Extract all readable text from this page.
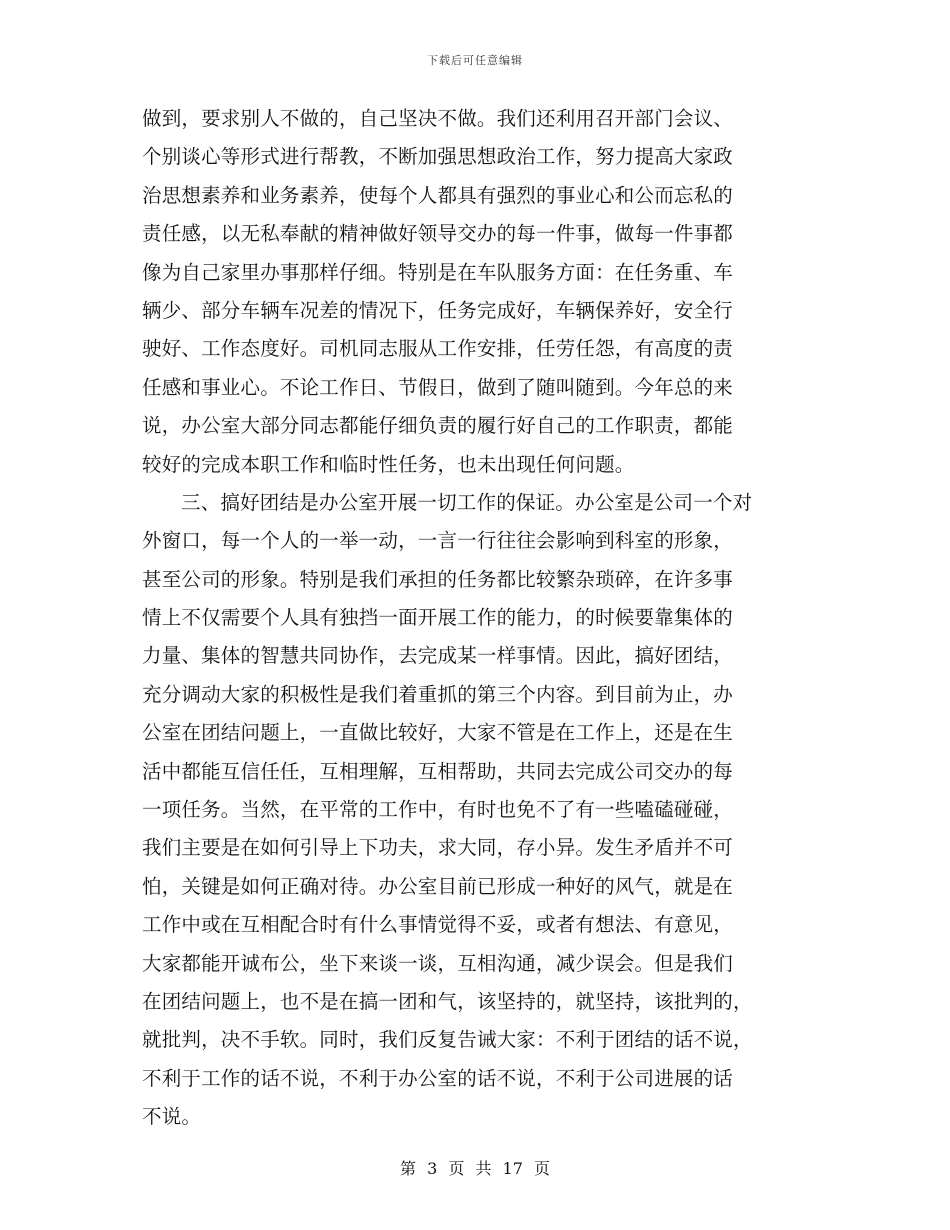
下载后可任意编辑
做到，要求别人不做的，自己坚决不做。我们还利用召开部门会议、
个别谈心等形式进行帮教，不断加强思想政治工作，努力提高大家政
治思想素养和业务素养，使每个人都具有强烈的事业心和公而忘私的
责任感，以无私奉献的精神做好领导交办的每一件事，做每一件事都
像为自己家里办事那样仔细。特别是在车队服务方面：在任务重、车
辆少、部分车辆车况差的情况下，任务完成好，车辆保养好，安全行
驶好、工作态度好。司机同志服从工作安排，任劳任怨，有高度的责
任感和事业心。不论工作日、节假日，做到了随叫随到。今年总的来
说，办公室大部分同志都能仔细负责的履行好自己的工作职责，都能
较好的完成本职工作和临时性任务，也未出现任何问题。
三、搞好团结是办公室开展一切工作的保证。办公室是公司一个对
外窗口，每一个人的一举一动，一言一行往往会影响到科室的形象，
甚至公司的形象。特别是我们承担的任务都比较繁杂琐碎，在许多事
情上不仅需要个人具有独挡一面开展工作的能力，的时候要靠集体的
力量、集体的智慧共同协作，去完成某一样事情。因此，搞好团结，
充分调动大家的积极性是我们着重抓的第三个内容。到目前为止，办
公室在团结问题上，一直做比较好，大家不管是在工作上，还是在生
活中都能互信任任，互相理解，互相帮助，共同去完成公司交办的每
一项任务。当然，在平常的工作中，有时也免不了有一些嗑磕碰碰，
我们主要是在如何引导上下功夫，求大同，存小异。发生矛盾并不可
怕，关键是如何正确对待。办公室目前已形成一种好的风气，就是在
工作中或在互相配合时有什么事情觉得不妥，或者有想法、有意见，
大家都能开诚布公，坐下来谈一谈，互相沟通，减少误会。但是我们
在团结问题上，也不是在搞一团和气，该坚持的，就坚持，该批判的，
就批判，决不手软。同时，我们反复告诫大家：不利于团结的话不说，
不利于工作的话不说，不利于办公室的话不说，不利于公司进展的话
不说。
第 3 页 共 17 页
